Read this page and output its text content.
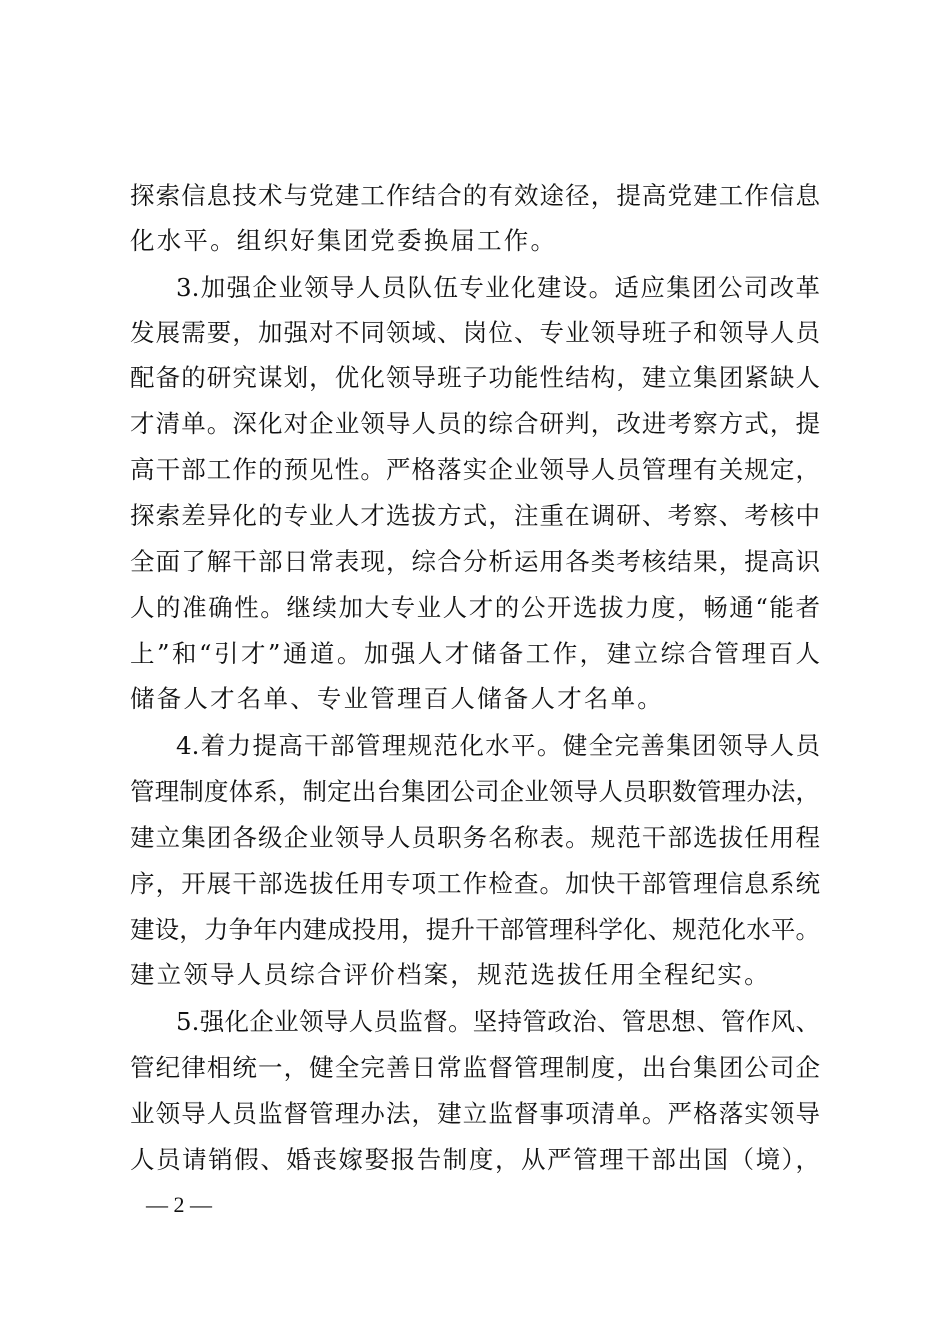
探索信息技术与党建工作结合的有效途径，提高党建工作信息
化水平。组织好集团党委换届工作。
3.加强企业领导人员队伍专业化建设。适应集团公司改革
发展需要，加强对不同领域、岗位、专业领导班子和领导人员
配备的研究谋划，优化领导班子功能性结构，建立集团紧缺人
才清单。深化对企业领导人员的综合研判，改进考察方式，提
高干部工作的预见性。严格落实企业领导人员管理有关规定，
探索差异化的专业人才选拔方式，注重在调研、考察、考核中
全面了解干部日常表现，综合分析运用各类考核结果，提高识
人的准确性。继续加大专业人才的公开选拔力度，畅通“能者
上”和“引才”通道。加强人才储备工作，建立综合管理百人
储备人才名单、专业管理百人储备人才名单。
4.着力提高干部管理规范化水平。健全完善集团领导人员
管理制度体系，制定出台集团公司企业领导人员职数管理办法，
建立集团各级企业领导人员职务名称表。规范干部选拔任用程
序，开展干部选拔任用专项工作检查。加快干部管理信息系统
建设，力争年内建成投用，提升干部管理科学化、规范化水平。
建立领导人员综合评价档案，规范选拔任用全程纪实。
5.强化企业领导人员监督。坚持管政治、管思想、管作风、
管纪律相统一，健全完善日常监督管理制度，出台集团公司企
业领导人员监督管理办法，建立监督事项清单。严格落实领导
人员请销假、婚丧嫁娶报告制度，从严管理干部出国（境），
— 2 —
